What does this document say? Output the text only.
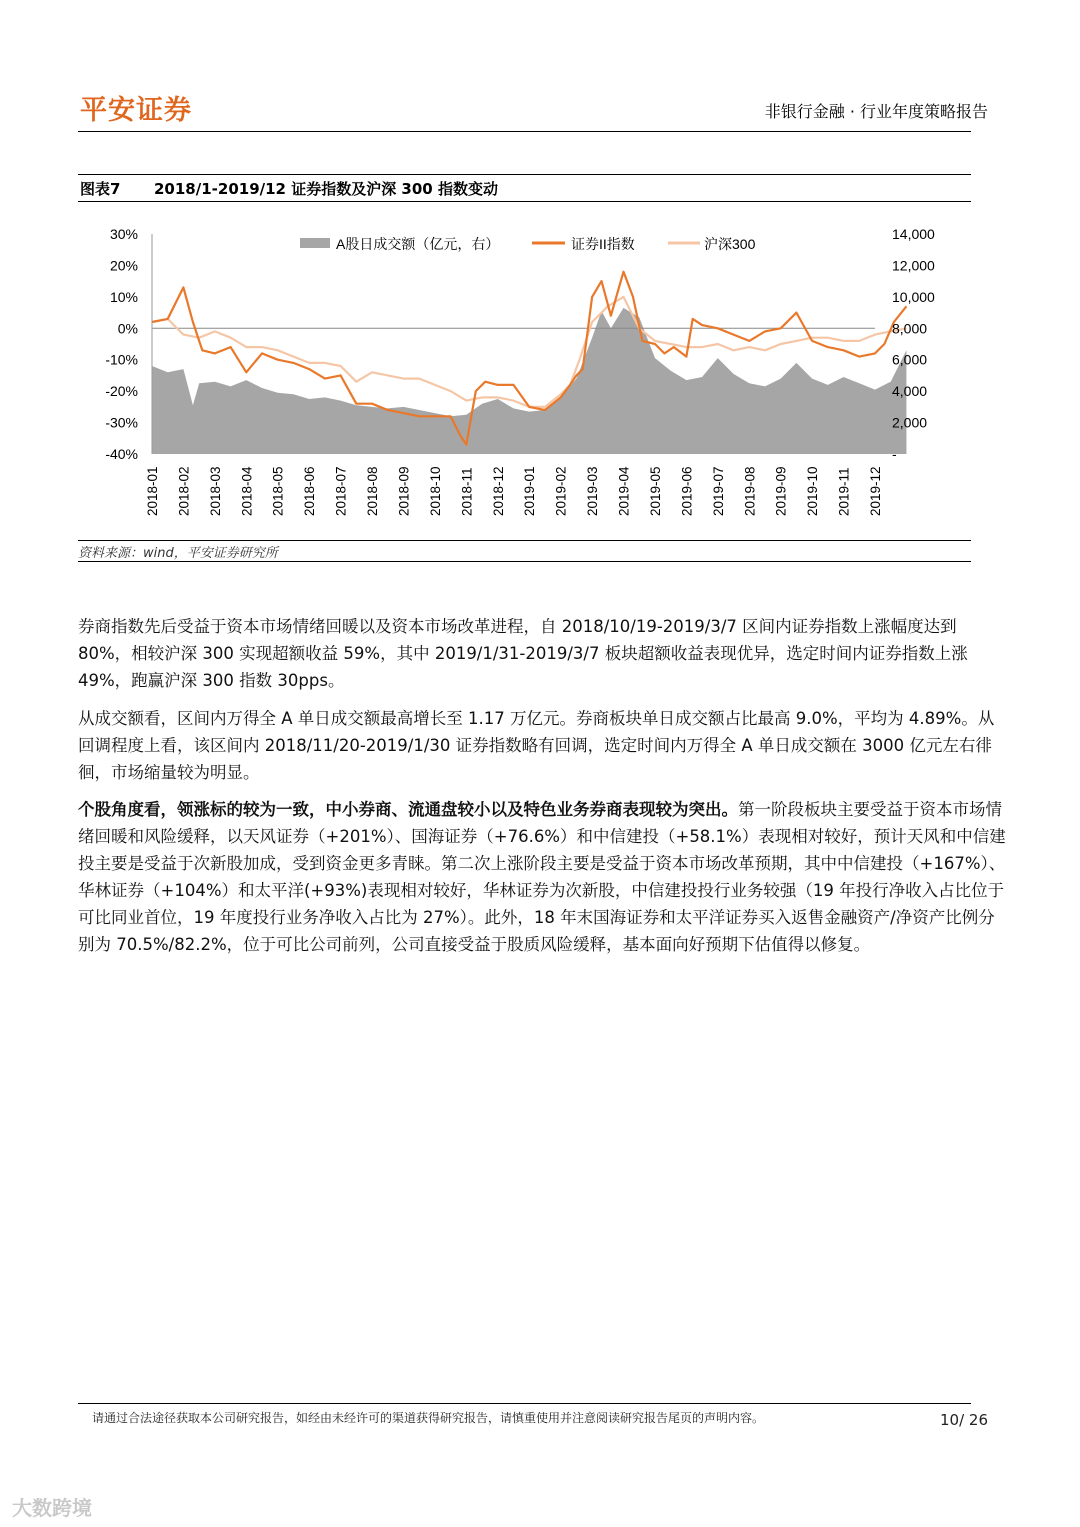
平安证券	非银行金融 · 行业年度策略报告
图表7 2018/1-2019/12 证券指数及沪深 300 指数变动
30%
20%
10%
0%
-10%
-20%
-30%
-40%
14,000
12,000
10,000
8,000
6,000
4,000
2,000
-
2018-01 2018-02 2018-03 2018-04 2018-05 2018-06 2018-07 2018-08 2018-09 2018-10 2018-11 2018-12 2019-01 2019-02 2019-03 2019-04 2019-05 2019-06 2019-07 2019-08 2019-09 2019-10 2019-11 2019-12
A股日成交额（亿元，右）	证券II指数	沪深300
资料来源：wind，平安证券研究所

券商指数先后受益于资本市场情绪回暖以及资本市场改革进程，自 2018/10/19-2019/3/7 区间内证券指数上涨幅度达到 80%，相较沪深 300 实现超额收益 59%，其中 2019/1/31-2019/3/7 板块超额收益表现优异，选定时间内证券指数上涨 49%，跑赢沪深 300 指数 30pps。

从成交额看，区间内万得全 A 单日成交额最高增长至 1.17 万亿元。券商板块单日成交额占比最高 9.0%，平均为 4.89%。从回调程度上看，该区间内 2018/11/20-2019/1/30 证券指数略有回调，选定时间内万得全 A 单日成交额在 3000 亿元左右徘徊，市场缩量较为明显。

个股角度看，领涨标的较为一致，中小券商、流通盘较小以及特色业务券商表现较为突出。第一阶段板块主要受益于资本市场情绪回暖和风险缓释，以天风证券（+201%）、国海证券（+76.6%）和中信建投（+58.1%）表现相对较好，预计天风和中信建投主要是受益于次新股加成，受到资金更多青睐。第二次上涨阶段主要是受益于资本市场改革预期，其中中信建投（+167%）、华林证券（+104%）和太平洋(+93%)表现相对较好，华林证券为次新股，中信建投投行业务较强（19 年投行净收入占比位于可比同业首位，19 年度投行业务净收入占比为 27%）。此外，18 年末国海证券和太平洋证券买入返售金融资产/净资产比例分别为 70.5%/82.2%，位于可比公司前列，公司直接受益于股质风险缓释，基本面向好预期下估值得以修复。

请通过合法途径获取本公司研究报告，如经由未经许可的渠道获得研究报告，请慎重使用并注意阅读研究报告尾页的声明内容。	10/ 26
大数跨境
